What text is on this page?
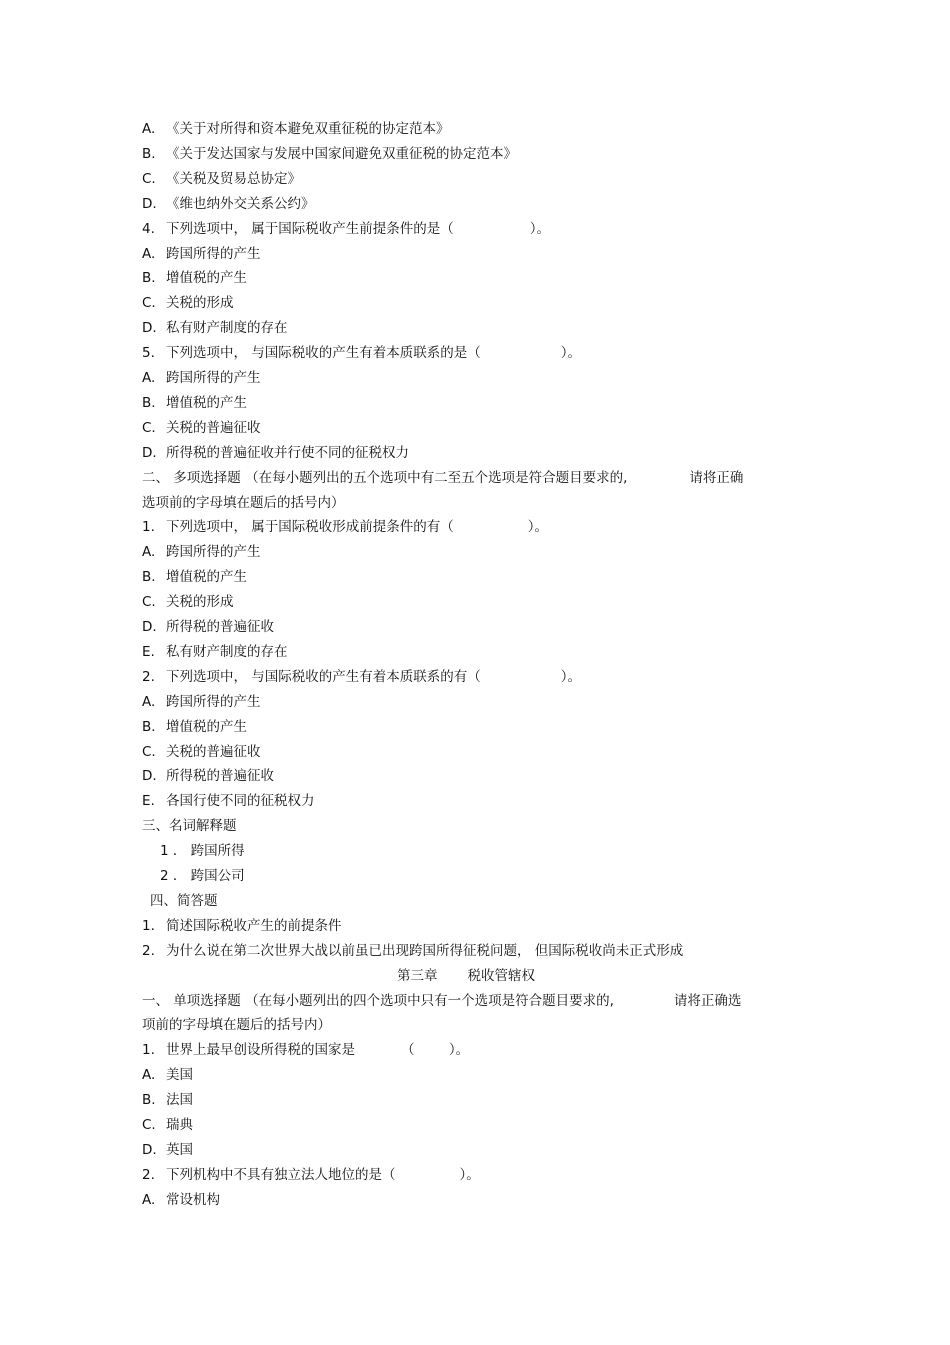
A. 《关于对所得和资本避免双重征税的协定范本》

B. 《关于发达国家与发展中国家间避免双重征税的协定范本》

C. 《关税及贸易总协定》

D. 《维也纳外交关系公约》

4. 下列选项中， 属于国际税收产生前提条件的是（	）。

A. 跨国所得的产生

B. 增值税的产生

C. 关税的形成

D. 私有财产制度的存在

5. 下列选项中， 与国际税收的产生有着本质联系的是（	）。

A. 跨国所得的产生

B. 增值税的产生

C. 关税的普遍征收

D. 所得税的普遍征收并行使不同的征税权力

二、 多项选择题 （在每小题列出的五个选项中有二至五个选项是符合题目要求的,	请将正确

选项前的字母填在题后的括号内）

1. 下列选项中， 属于国际税收形成前提条件的有（	）。

A. 跨国所得的产生

B. 增值税的产生

C. 关税的形成

D. 所得税的普遍征收

E. 私有财产制度的存在

2. 下列选项中， 与国际税收的产生有着本质联系的有（	）。

A. 跨国所得的产生

B. 增值税的产生

C. 关税的普遍征收

D. 所得税的普遍征收

E. 各国行使不同的征税权力

三、名词解释题

1 ． 跨国所得

2 ． 跨国公司

四、简答题

1. 简述国际税收产生的前提条件

2. 为什么说在第二次世界大战以前虽已出现跨国所得征税问题， 但国际税收尚未正式形成

第三章 税收管辖权

一、 单项选择题 （在每小题列出的四个选项中只有一个选项是符合题目要求的,	请将正确选

项前的字母填在题后的括号内）

1. 世界上最早创设所得税的国家是	（        ）。

A. 美国

B. 法国

C. 瑞典

D. 英国

2. 下列机构中不具有独立法人地位的是（	）。

A. 常设机构
